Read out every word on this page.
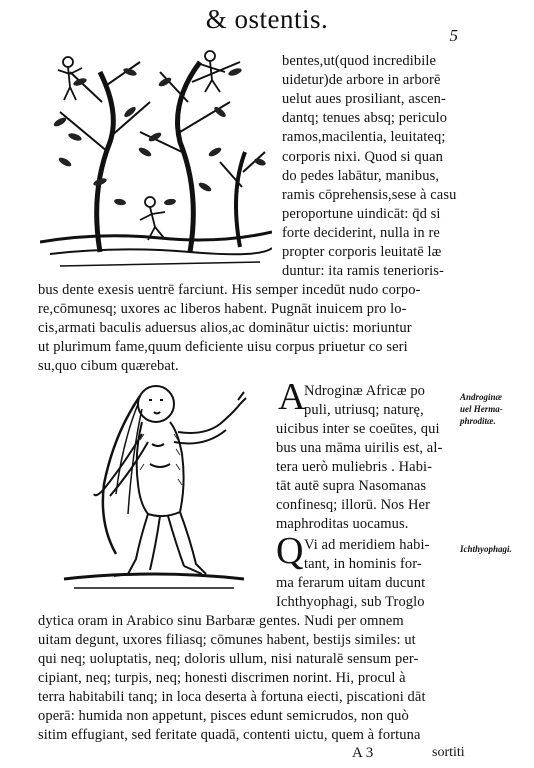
& ostentis.
5
bentes,ut(quod incredibile
uidetur)de arbore in arborē
uelut aues prosiliant, ascen-
dantq; tenues absq; periculo
ramos,macilentia, leuitateq;
corporis nixi. Quod si quan
do pedes labātur, manibus,
ramis cōprehensis,sese à casu
peroportune uindicāt: q̄d si
forte deciderint, nulla in re
propter corporis leuitatē læ
duntur: ita ramis tenerioris-
bus dente exesis uentrē farciunt. His semper incedūt nudo corpo-
re,cōmunesq; uxores ac liberos habent. Pugnāt inuicem pro lo-
cis,armati baculis aduersus alios,ac dominātur uictis: moriuntur
ut plurimum fame,quum deficiente uisu corpus priuetur co seri
su,quo cibum quærebat.
A
Ndroginæ Africæ po
puli, utriusq; naturę,
uicibus inter se coeūtes, qui
bus una māma uirilis est, al-
tera uerò muliebris . Habi-
tāt autē supra Nasomanas
confinesq; illorū. Nos Her
maphroditas uocamus.
Androginæ
uel Herma-
phroditæ.
Q Vi ad meridiem habi-
tant, in hominis for-
ma ferarum uitam ducunt
Ichthyophagi, sub Troglo
dytica oram in Arabico sinu Barbaræ gentes. Nudi per omnem
uitam degunt, uxores filiasq; cōmunes habent, bestijs similes: ut
qui neq; uoluptatis, neq; doloris ullum, nisi naturalē sensum per-
cipiant, neq; turpis, neq; honesti discrimen norint. Hi, procul à
terra habitabili tanq; in loca deserta à fortuna eiecti, piscationi dāt
operā: humida non appetunt, pisces edunt semicrudos, non quò
sitim effugiant, sed feritate quadā, contenti uictu, quem à fortuna
Ichthyophagi.
A 3	sortiti
